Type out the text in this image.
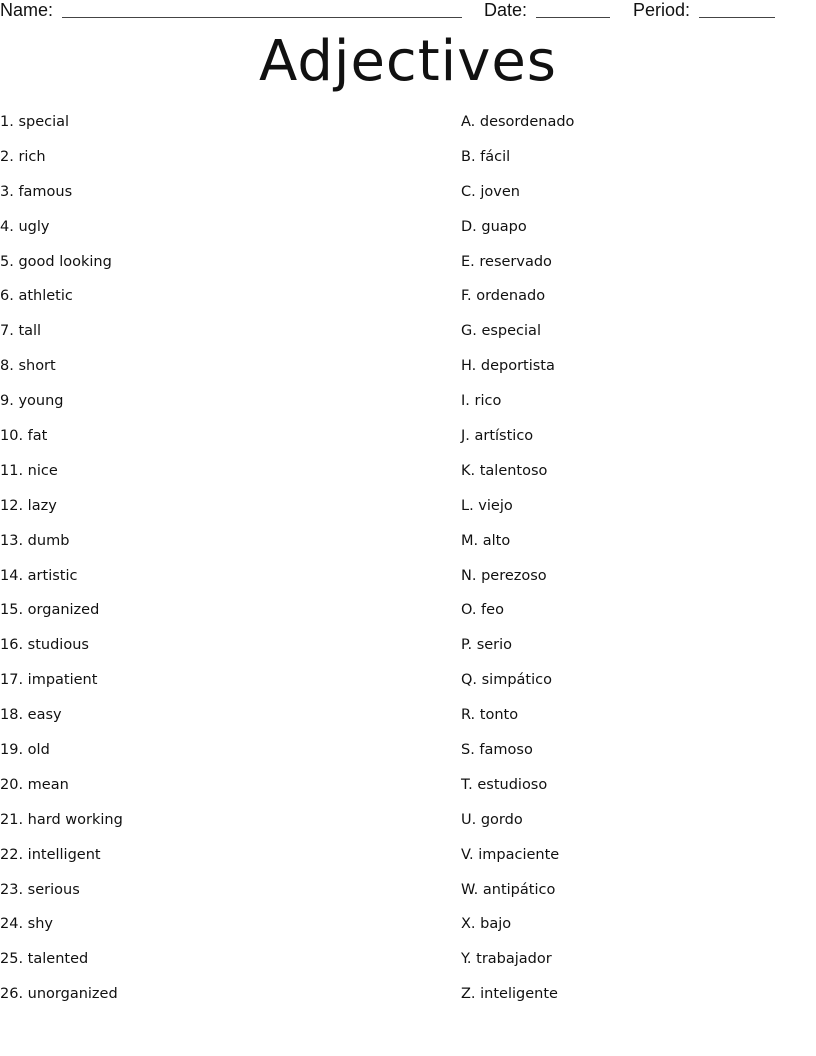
Name:	Date:	Period:
Adjectives
1. special
2. rich
3. famous
4. ugly
5. good looking
6. athletic
7. tall
8. short
9. young
10. fat
11. nice
12. lazy
13. dumb
14. artistic
15. organized
16. studious
17. impatient
18. easy
19. old
20. mean
21. hard working
22. intelligent
23. serious
24. shy
25. talented
26. unorganized
A. desordenado
B. fácil
C. joven
D. guapo
E. reservado
F. ordenado
G. especial
H. deportista
I. rico
J. artístico
K. talentoso
L. viejo
M. alto
N. perezoso
O. feo
P. serio
Q. simpático
R. tonto
S. famoso
T. estudioso
U. gordo
V. impaciente
W. antipático
X. bajo
Y. trabajador
Z. inteligente
